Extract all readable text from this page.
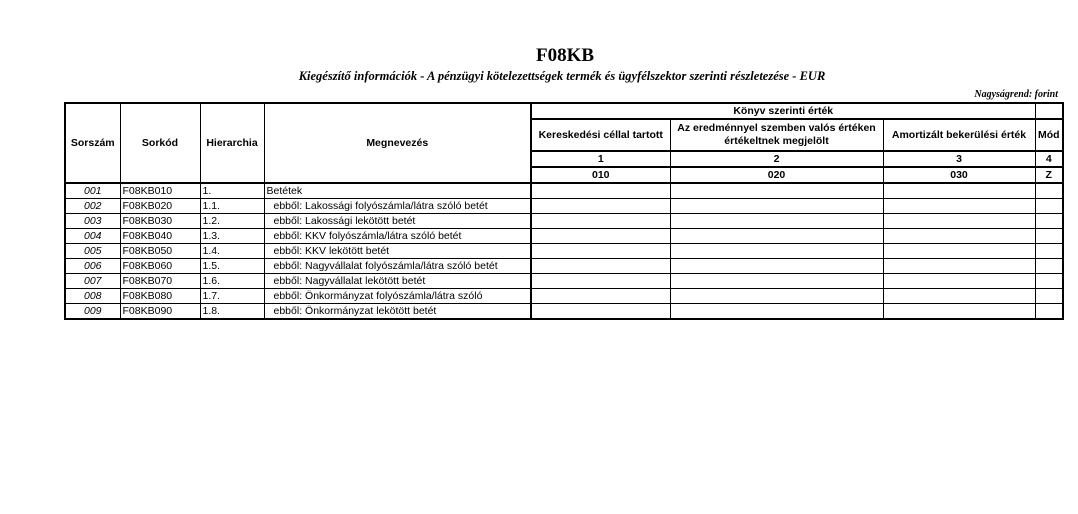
F08KB
Kiegészítő információk - A pénzügyi kötelezettségek termék és ügyfélszektor szerinti részletezése - EUR
Nagyságrend: forint
Sorszám	Sorkód	Hierarchia	Megnevezés	Könyv szerinti érték			
				Kereskedési céllal tartott	Az eredménnyel szemben valós értéken értékeltnek megjelölt	Amortizált bekerülési érték	Mód
				1	2	3	4
				010	020	030	Z
001	F08KB010	1.	Betétek				
002	F08KB020	1.1.	ebből: Lakossági folyószámla/látra szóló betét				
003	F08KB030	1.2.	ebből: Lakossági lekötött betét				
004	F08KB040	1.3.	ebből: KKV folyószámla/látra szóló betét				
005	F08KB050	1.4.	ebből: KKV lekötött betét				
006	F08KB060	1.5.	ebből: Nagyvállalat folyószámla/látra szóló betét				
007	F08KB070	1.6.	ebből: Nagyvállalat lekötött betét				
008	F08KB080	1.7.	ebből: Önkormányzat folyószámla/látra szóló				
009	F08KB090	1.8.	ebből: Önkormányzat lekötött betét				
